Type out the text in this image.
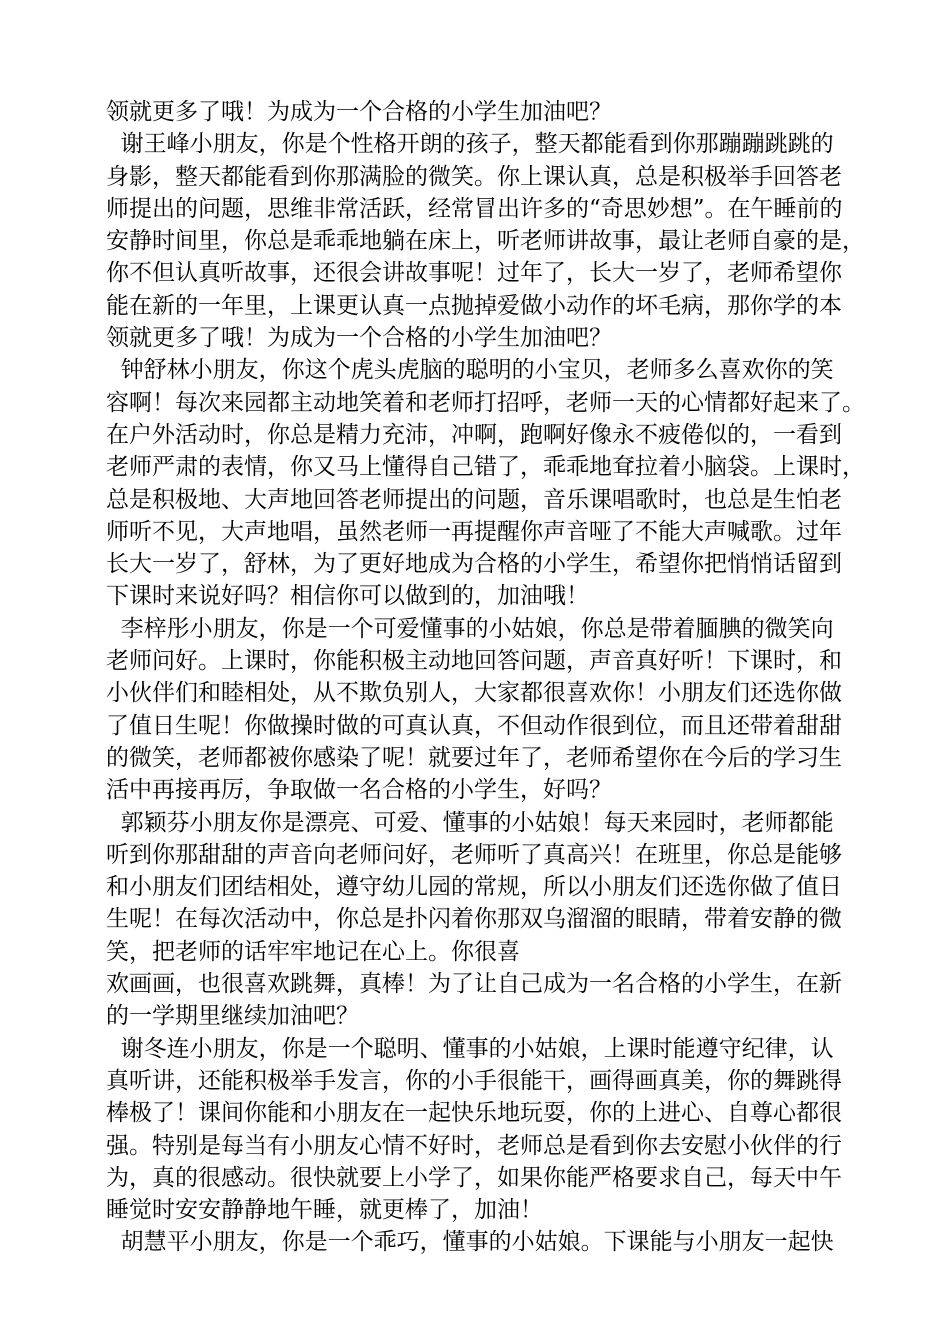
领就更多了哦！为成为一个合格的小学生加油吧？
谢王峰小朋友，你是个性格开朗的孩子，整天都能看到你那蹦蹦跳跳的
身影，整天都能看到你那满脸的微笑。你上课认真，总是积极举手回答老
师提出的问题，思维非常活跃，经常冒出许多的“奇思妙想”。在午睡前的
安静时间里，你总是乖乖地躺在床上，听老师讲故事，最让老师自豪的是，
你不但认真听故事，还很会讲故事呢！过年了，长大一岁了，老师希望你
能在新的一年里，上课更认真一点抛掉爱做小动作的坏毛病，那你学的本
领就更多了哦！为成为一个合格的小学生加油吧？
钟舒林小朋友，你这个虎头虎脑的聪明的小宝贝，老师多么喜欢你的笑
容啊！每次来园都主动地笑着和老师打招呼，老师一天的心情都好起来了。
在户外活动时，你总是精力充沛，冲啊，跑啊好像永不疲倦似的，一看到
老师严肃的表情，你又马上懂得自己错了，乖乖地耷拉着小脑袋。上课时，
总是积极地、大声地回答老师提出的问题，音乐课唱歌时，也总是生怕老
师听不见，大声地唱，虽然老师一再提醒你声音哑了不能大声喊歌。过年
长大一岁了，舒林，为了更好地成为合格的小学生，希望你把悄悄话留到
下课时来说好吗？相信你可以做到的，加油哦！
李梓彤小朋友，你是一个可爱懂事的小姑娘，你总是带着腼腆的微笑向
老师问好。上课时，你能积极主动地回答问题，声音真好听！下课时，和
小伙伴们和睦相处，从不欺负别人，大家都很喜欢你！小朋友们还选你做
了值日生呢！你做操时做的可真认真，不但动作很到位，而且还带着甜甜
的微笑，老师都被你感染了呢！就要过年了，老师希望你在今后的学习生
活中再接再厉，争取做一名合格的小学生，好吗？
郭颖芬小朋友你是漂亮、可爱、懂事的小姑娘！每天来园时，老师都能
听到你那甜甜的声音向老师问好，老师听了真高兴！在班里，你总是能够
和小朋友们团结相处，遵守幼儿园的常规，所以小朋友们还选你做了值日
生呢！在每次活动中，你总是扑闪着你那双乌溜溜的眼睛，带着安静的微
笑，把老师的话牢牢地记在心上。你很喜
欢画画，也很喜欢跳舞，真棒！为了让自己成为一名合格的小学生，在新
的一学期里继续加油吧？
谢冬连小朋友，你是一个聪明、懂事的小姑娘，上课时能遵守纪律，认
真听讲，还能积极举手发言，你的小手很能干，画得画真美，你的舞跳得
棒极了！课间你能和小朋友在一起快乐地玩耍，你的上进心、自尊心都很
强。特别是每当有小朋友心情不好时，老师总是看到你去安慰小伙伴的行
为，真的很感动。很快就要上小学了，如果你能严格要求自己，每天中午
睡觉时安安静静地午睡，就更棒了，加油！
胡慧平小朋友，你是一个乖巧，懂事的小姑娘。下课能与小朋友一起快
